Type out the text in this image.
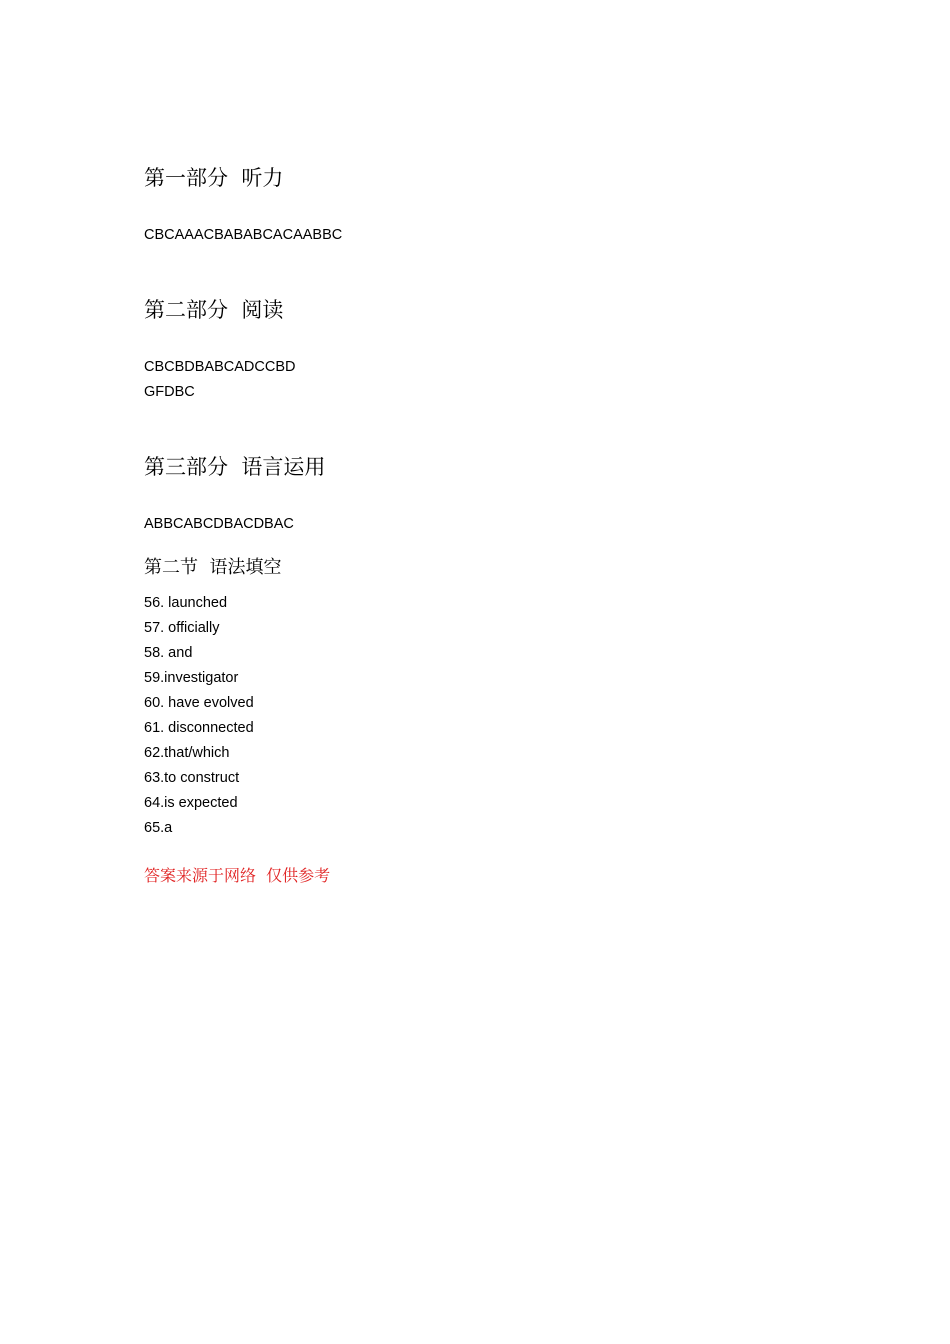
第一部分  听力
CBCAAACBABABCACAABBC
第二部分  阅读
CBCBDBABCADCCBD
GFDBC
第三部分  语言运用
ABBCABCDBACDBAC
第二节  语法填空
56. launched
57. officially
58. and
59.investigator
60. have evolved
61. disconnected
62.that/which
63.to construct
64.is expected
65.a
答案来源于网络  仅供参考
